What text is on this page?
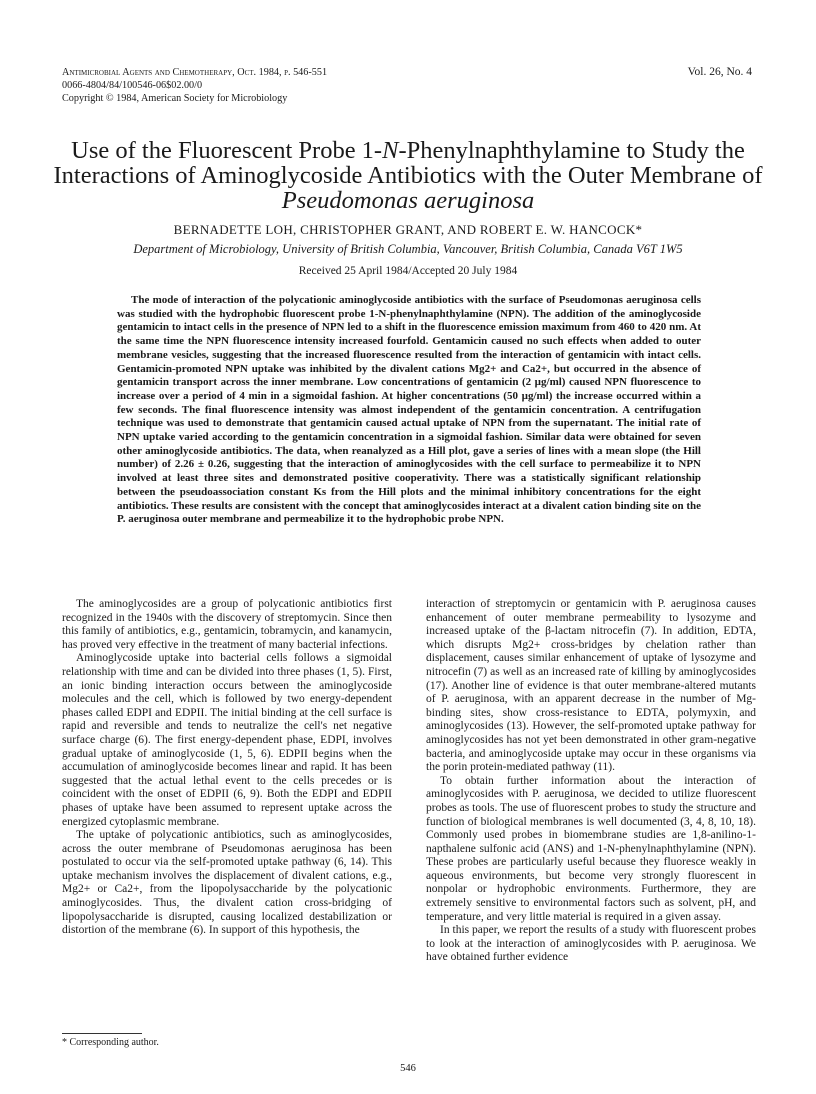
Antimicrobial Agents and Chemotherapy, Oct. 1984, p. 546-551
0066-4804/84/100546-06$02.00/0
Copyright © 1984, American Society for Microbiology
Vol. 26, No. 4
Use of the Fluorescent Probe 1-N-Phenylnaphthylamine to Study the Interactions of Aminoglycoside Antibiotics with the Outer Membrane of Pseudomonas aeruginosa
BERNADETTE LOH, CHRISTOPHER GRANT, AND ROBERT E. W. HANCOCK*
Department of Microbiology, University of British Columbia, Vancouver, British Columbia, Canada V6T 1W5
Received 25 April 1984/Accepted 20 July 1984
The mode of interaction of the polycationic aminoglycoside antibiotics with the surface of Pseudomonas aeruginosa cells was studied with the hydrophobic fluorescent probe 1-N-phenylnaphthylamine (NPN). The addition of the aminoglycoside gentamicin to intact cells in the presence of NPN led to a shift in the fluorescence emission maximum from 460 to 420 nm. At the same time the NPN fluorescence intensity increased fourfold. Gentamicin caused no such effects when added to outer membrane vesicles, suggesting that the increased fluorescence resulted from the interaction of gentamicin with intact cells. Gentamicin-promoted NPN uptake was inhibited by the divalent cations Mg2+ and Ca2+, but occurred in the absence of gentamicin transport across the inner membrane. Low concentrations of gentamicin (2 µg/ml) caused NPN fluorescence to increase over a period of 4 min in a sigmoidal fashion. At higher concentrations (50 µg/ml) the increase occurred within a few seconds. The final fluorescence intensity was almost independent of the gentamicin concentration. A centrifugation technique was used to demonstrate that gentamicin caused actual uptake of NPN from the supernatant. The initial rate of NPN uptake varied according to the gentamicin concentration in a sigmoidal fashion. Similar data were obtained for seven other aminoglycoside antibiotics. The data, when reanalyzed as a Hill plot, gave a series of lines with a mean slope (the Hill number) of 2.26 ± 0.26, suggesting that the interaction of aminoglycosides with the cell surface to permeabilize it to NPN involved at least three sites and demonstrated positive cooperativity. There was a statistically significant relationship between the pseudoassociation constant Ks from the Hill plots and the minimal inhibitory concentrations for the eight antibiotics. These results are consistent with the concept that aminoglycosides interact at a divalent cation binding site on the P. aeruginosa outer membrane and permeabilize it to the hydrophobic probe NPN.

The aminoglycosides are a group of polycationic antibiotics first recognized in the 1940s with the discovery of streptomycin. Since then this family of antibiotics, e.g., gentamicin, tobramycin, and kanamycin, has proved very effective in the treatment of many bacterial infections.

Aminoglycoside uptake into bacterial cells follows a sigmoidal relationship with time and can be divided into three phases (1, 5). First, an ionic binding interaction occurs between the aminoglycoside molecules and the cell, which is followed by two energy-dependent phases called EDPI and EDPII. The initial binding at the cell surface is rapid and reversible and tends to neutralize the cell's net negative surface charge (6). The first energy-dependent phase, EDPI, involves gradual uptake of aminoglycoside (1, 5, 6). EDPII begins when the accumulation of aminoglycoside becomes linear and rapid. It has been suggested that the actual lethal event to the cells precedes or is coincident with the onset of EDPII (6, 9). Both the EDPI and EDPII phases of uptake have been assumed to represent uptake across the energized cytoplasmic membrane.

The uptake of polycationic antibiotics, such as aminoglycosides, across the outer membrane of Pseudomonas aeruginosa has been postulated to occur via the self-promoted uptake pathway (6, 14). This uptake mechanism involves the displacement of divalent cations, e.g., Mg2+ or Ca2+, from the lipopolysaccharide by the polycationic aminoglycosides. Thus, the divalent cation cross-bridging of lipopolysaccharide is disrupted, causing localized destabilization or distortion of the membrane (6). In support of this hypothesis, the

interaction of streptomycin or gentamicin with P. aeruginosa causes enhancement of outer membrane permeability to lysozyme and increased uptake of the β-lactam nitrocefin (7). In addition, EDTA, which disrupts Mg2+ cross-bridges by chelation rather than displacement, causes similar enhancement of uptake of lysozyme and nitrocefin (7) as well as an increased rate of killing by aminoglycosides (17). Another line of evidence is that outer membrane-altered mutants of P. aeruginosa, with an apparent decrease in the number of Mg-binding sites, show cross-resistance to EDTA, polymyxin, and aminoglycosides (13). However, the self-promoted uptake pathway for aminoglycosides has not yet been demonstrated in other gram-negative bacteria, and aminoglycoside uptake may occur in these organisms via the porin protein-mediated pathway (11).

To obtain further information about the interaction of aminoglycosides with P. aeruginosa, we decided to utilize fluorescent probes as tools. The use of fluorescent probes to study the structure and function of biological membranes is well documented (3, 4, 8, 10, 18). Commonly used probes in biomembrane studies are 1,8-anilino-1-napthalene sulfonic acid (ANS) and 1-N-phenylnaphthylamine (NPN). These probes are particularly useful because they fluoresce weakly in aqueous environments, but become very strongly fluorescent in nonpolar or hydrophobic environments. Furthermore, they are extremely sensitive to environmental factors such as solvent, pH, and temperature, and very little material is required in a given assay.

In this paper, we report the results of a study with fluorescent probes to look at the interaction of aminoglycosides with P. aeruginosa. We have obtained further evidence

* Corresponding author.
546
